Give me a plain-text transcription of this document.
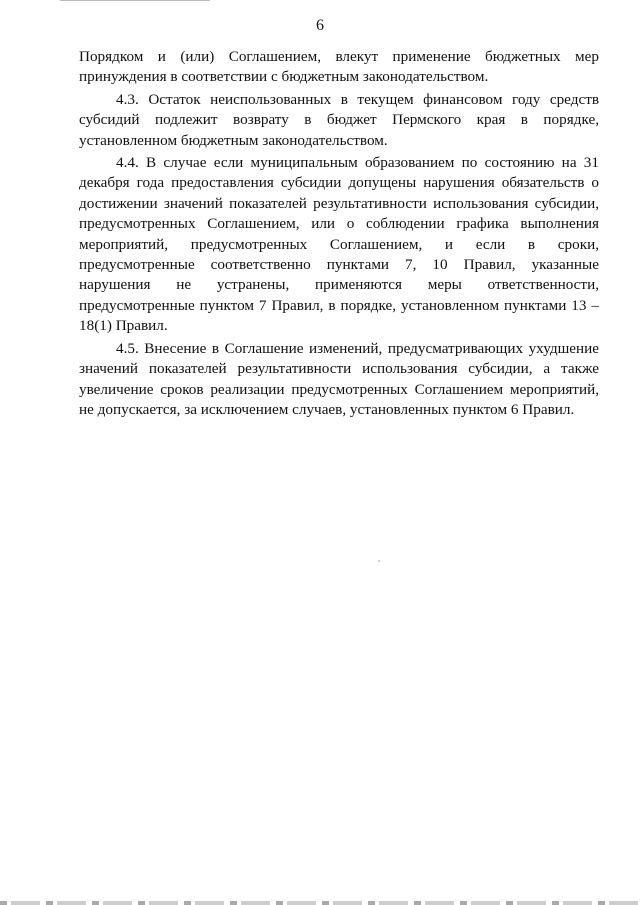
6

Порядком и (или) Соглашением, влекут применение бюджетных мер принуждения в соответствии с бюджетным законодательством.

4.3. Остаток неиспользованных в текущем финансовом году средств субсидий подлежит возврату в бюджет Пермского края в порядке, установленном бюджетным законодательством.

4.4. В случае если муниципальным образованием по состоянию на 31 декабря года предоставления субсидии допущены нарушения обязательств о достижении значений показателей результативности использования субсидии, предусмотренных Соглашением, или о соблюдении графика выполнения мероприятий, предусмотренных Соглашением, и если в сроки, предусмотренные соответственно пунктами 7, 10 Правил, указанные нарушения не устранены, применяются меры ответственности, предусмотренные пунктом 7 Правил, в порядке, установленном пунктами 13 – 18(1) Правил.

4.5. Внесение в Соглашение изменений, предусматривающих ухудшение значений показателей результативности использования субсидии, а также увеличение сроков реализации предусмотренных Соглашением мероприятий, не допускается, за исключением случаев, установленных пунктом 6 Правил.
